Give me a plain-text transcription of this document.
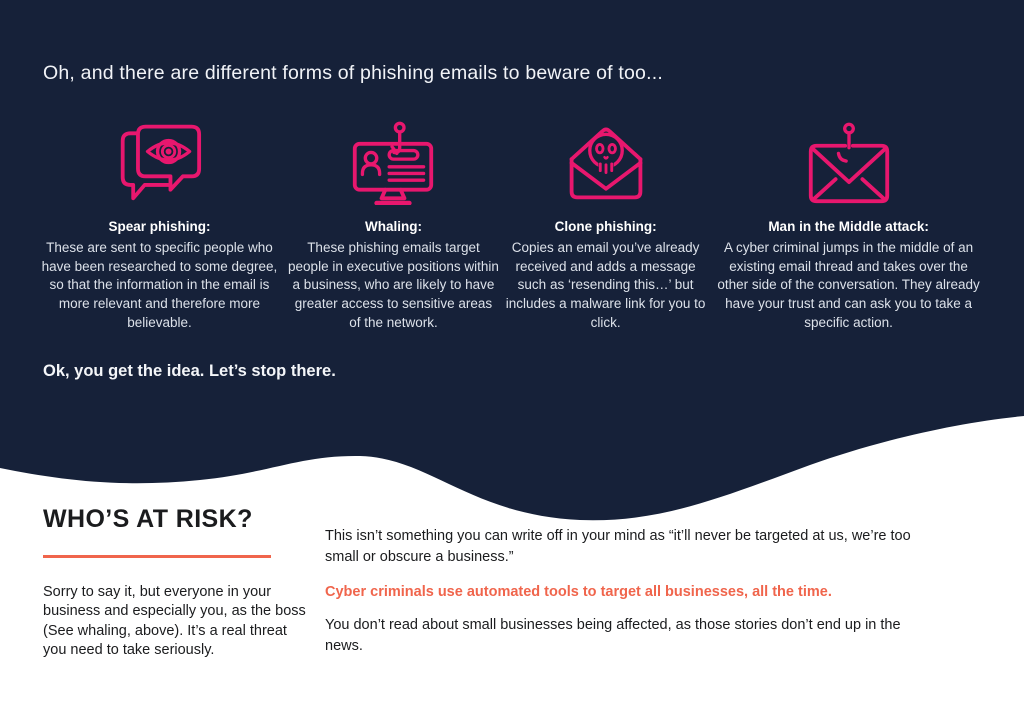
Oh, and there are different forms of phishing emails to beware of too...
Spear phishing:
These are sent to specific people who have been researched to some degree, so that the information in the email is more relevant and therefore more believable.
Whaling:
These phishing emails target people in executive positions within a business, who are likely to have greater access to sensitive areas of the network.
Clone phishing:
Copies an email you’ve already received and adds a message such as ‘resending this…’ but includes a malware link for you to click.
Man in the Middle attack:
A cyber criminal jumps in the middle of an existing email thread and takes over the other side of the conversation. They already have your trust and can ask you to take a specific action.
Ok, you get the idea. Let’s stop there.
WHO’S AT RISK?

Sorry to say it, but everyone in your business and especially you, as the boss (See whaling, above). It’s a real threat you need to take seriously.

This isn’t something you can write off in your mind as “it’ll never be targeted at us, we’re too small or obscure a business.”

Cyber criminals use automated tools to target all businesses, all the time.

You don’t read about small businesses being affected, as those stories don’t end up in the news.
